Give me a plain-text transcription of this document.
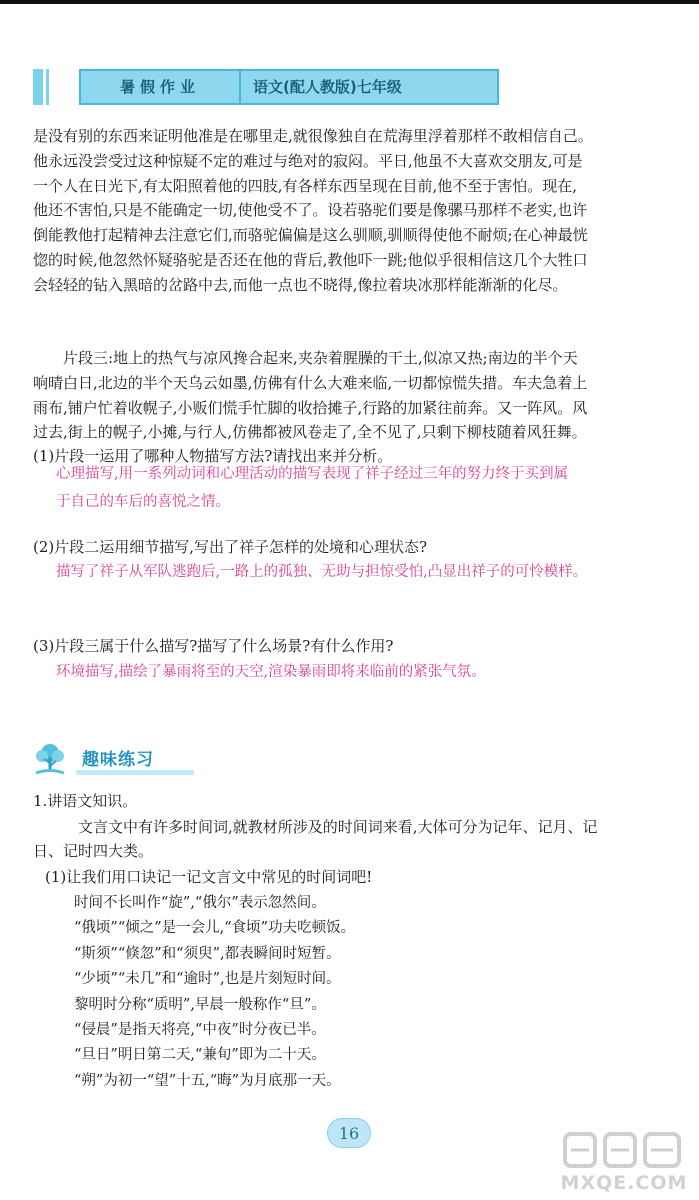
暑假作业	语文(配人教版)七年级

是没有别的东西来证明他准是在哪里走,就很像独自在荒海里浮着那样不敢相信自己。

他永远没尝受过这种惊疑不定的难过与绝对的寂闷。平日,他虽不大喜欢交朋友,可是

一个人在日光下,有太阳照着他的四肢,有各样东西呈现在目前,他不至于害怕。现在,

他还不害怕,只是不能确定一切,使他受不了。设若骆驼们要是像骡马那样不老实,也许

倒能教他打起精神去注意它们,而骆驼偏偏是这么驯顺,驯顺得使他不耐烦;在心神最恍

惚的时候,他忽然怀疑骆驼是否还在他的背后,教他吓一跳;他似乎很相信这几个大牲口

会轻轻的钻入黑暗的岔路中去,而他一点也不晓得,像拉着块冰那样能渐渐的化尽。

片段三:地上的热气与凉风搀合起来,夹杂着腥臊的干土,似凉又热;南边的半个天

响晴白日,北边的半个天乌云如墨,仿佛有什么大难来临,一切都惊慌失措。车夫急着上

雨布,铺户忙着收幌子,小贩们慌手忙脚的收拾摊子,行路的加紧往前奔。又一阵风。风

过去,街上的幌子,小摊,与行人,仿佛都被风卷走了,全不见了,只剩下柳枝随着风狂舞。

(1)片段一运用了哪种人物描写方法?请找出来并分析。
心理描写,用一系列动词和心理活动的描写表现了祥子经过三年的努力终于买到属
于自己的车后的喜悦之情。
(2)片段二运用细节描写,写出了祥子怎样的处境和心理状态?
描写了祥子从军队逃跑后,一路上的孤独、无助与担惊受怕,凸显出祥子的可怜模样。
(3)片段三属于什么描写?描写了什么场景?有什么作用?
环境描写,描绘了暴雨将至的天空,渲染暴雨即将来临前的紧张气氛。
趣味练习
1.讲语文知识。

文言文中有许多时间词,就教材所涉及的时间词来看,大体可分为记年、记月、记

日、记时四大类。
(1)让我们用口诀记一记文言文中常见的时间词吧!
时间不长叫作“旋”,“俄尔”表示忽然间。
“俄顷”“倾之”是一会儿,“食顷”功夫吃顿饭。
“斯须”“倏忽”和“须臾”,都表瞬间时短暂。
“少顷”“未几”和“逾时”,也是片刻短时间。
黎明时分称“质明”,早晨一般称作“旦”。
“侵晨”是指天将亮,“中夜”时分夜已半。
“旦日”明日第二天,“兼旬”即为二十天。
“朔”为初一“望”十五,“晦”为月底那一天。
16
MXQE.COM
